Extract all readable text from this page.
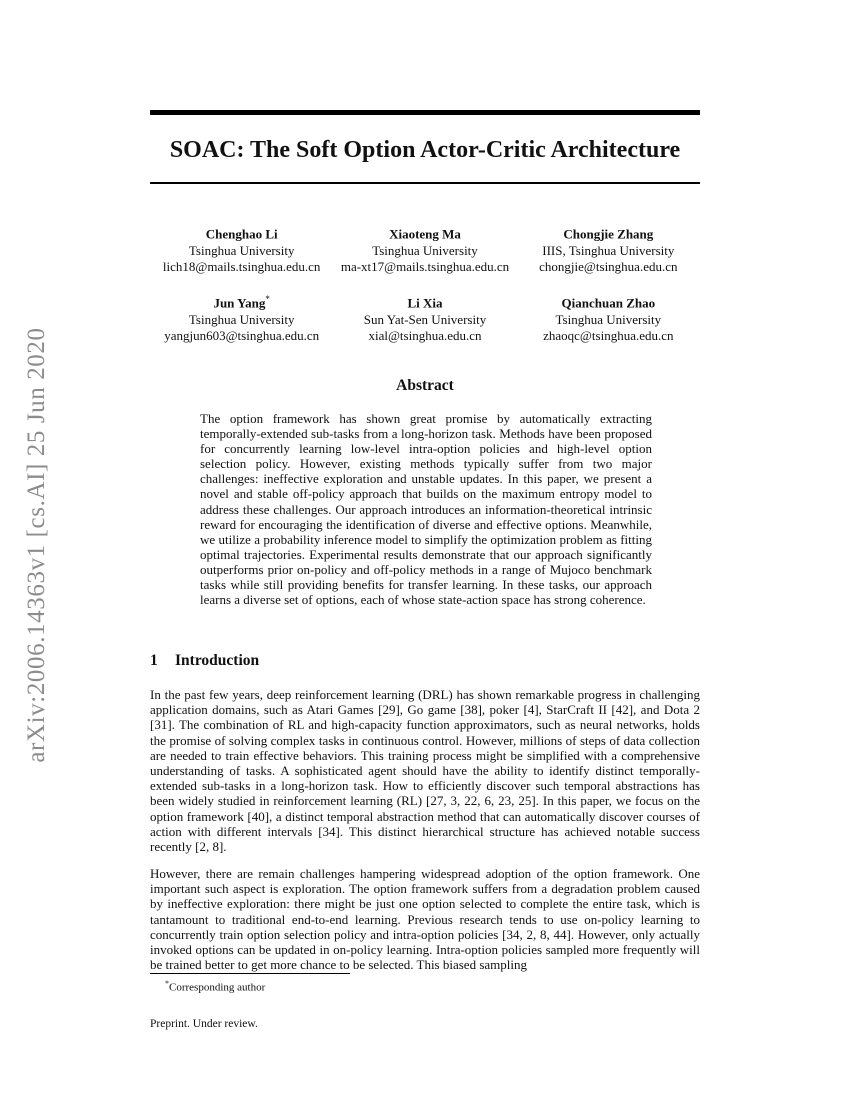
arXiv:2006.14363v1 [cs.AI] 25 Jun 2020
SOAC: The Soft Option Actor-Critic Architecture
Chenghao Li
Tsinghua University
lich18@mails.tsinghua.edu.cn
Xiaoteng Ma
Tsinghua University
ma-xt17@mails.tsinghua.edu.cn
Chongjie Zhang
IIIS, Tsinghua University
chongjie@tsinghua.edu.cn
Jun Yang*
Tsinghua University
yangjun603@tsinghua.edu.cn
Li Xia
Sun Yat-Sen University
xial@tsinghua.edu.cn
Qianchuan Zhao
Tsinghua University
zhaoqc@tsinghua.edu.cn
Abstract

The option framework has shown great promise by automatically extracting temporally-extended sub-tasks from a long-horizon task. Methods have been proposed for concurrently learning low-level intra-option policies and high-level option selection policy. However, existing methods typically suffer from two major challenges: ineffective exploration and unstable updates. In this paper, we present a novel and stable off-policy approach that builds on the maximum entropy model to address these challenges. Our approach introduces an information-theoretical intrinsic reward for encouraging the identification of diverse and effective options. Meanwhile, we utilize a probability inference model to simplify the optimization problem as fitting optimal trajectories. Experimental results demonstrate that our approach significantly outperforms prior on-policy and off-policy methods in a range of Mujoco benchmark tasks while still providing benefits for transfer learning. In these tasks, our approach learns a diverse set of options, each of whose state-action space has strong coherence.

1 Introduction

In the past few years, deep reinforcement learning (DRL) has shown remarkable progress in challenging application domains, such as Atari Games [29], Go game [38], poker [4], StarCraft II [42], and Dota 2 [31]. The combination of RL and high-capacity function approximators, such as neural networks, holds the promise of solving complex tasks in continuous control. However, millions of steps of data collection are needed to train effective behaviors. This training process might be simplified with a comprehensive understanding of tasks. A sophisticated agent should have the ability to identify distinct temporally-extended sub-tasks in a long-horizon task. How to efficiently discover such temporal abstractions has been widely studied in reinforcement learning (RL) [27, 3, 22, 6, 23, 25]. In this paper, we focus on the option framework [40], a distinct temporal abstraction method that can automatically discover courses of action with different intervals [34]. This distinct hierarchical structure has achieved notable success recently [2, 8].

However, there are remain challenges hampering widespread adoption of the option framework. One important such aspect is exploration. The option framework suffers from a degradation problem caused by ineffective exploration: there might be just one option selected to complete the entire task, which is tantamount to traditional end-to-end learning. Previous research tends to use on-policy learning to concurrently train option selection policy and intra-option policies [34, 2, 8, 44]. However, only actually invoked options can be updated in on-policy learning. Intra-option policies sampled more frequently will be trained better to get more chance to be selected. This biased sampling

*Corresponding author
Preprint. Under review.
